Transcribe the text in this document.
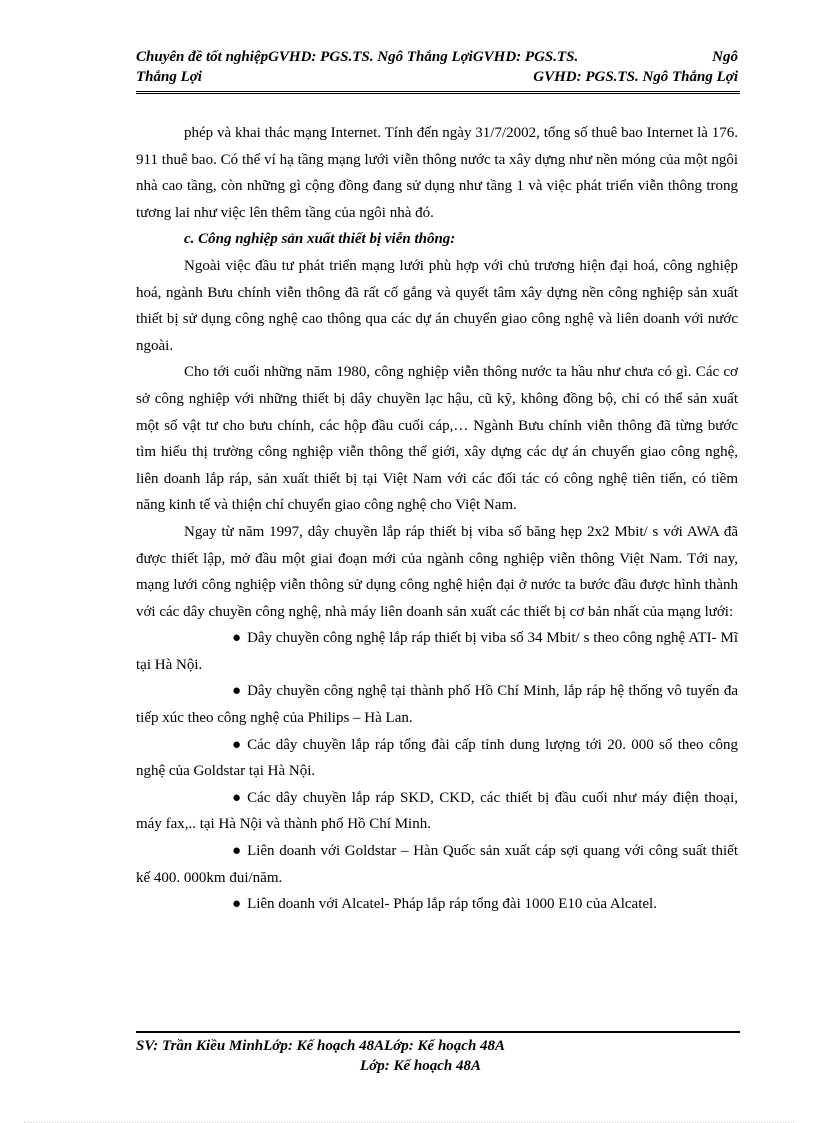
Chuyên đề tốt nghiệpGVHD: PGS.TS. Ngô Thắng LợiGVHD: PGS.TS.	Ngô
Thắng Lợi	GVHD: PGS.TS. Ngô Thắng Lợi

phép và khai thác mạng Internet. Tính đến ngày 31/7/2002, tổng số thuê bao Internet là 176. 911 thuê bao. Có thể ví hạ tầng mạng lưới viễn thông nước ta xây dựng như nền móng của một ngôi nhà cao tầng, còn những gì cộng đồng đang sử dụng như tầng 1 và việc phát triển viễn thông trong tương lai như việc lên thêm tầng của ngôi nhà đó.

c. Công nghiệp sản xuất thiết bị viễn thông:

Ngoài việc đầu tư phát triển mạng lưới phù hợp với chủ trương hiện đại hoá, công nghiệp hoá, ngành Bưu chính viễn thông đã rất cố gắng và quyết tâm xây dựng nền công nghiệp sản xuất thiết bị sử dụng công nghệ cao thông qua các dự án chuyển giao công nghệ và liên doanh với nước ngoài.

Cho tới cuối những năm 1980, công nghiệp viễn thông nước ta hầu như chưa có gì. Các cơ sở công nghiệp với những thiết bị dây chuyền lạc hậu, cũ kỹ, không đồng bộ, chỉ có thể sản xuất một số vật tư cho bưu chính, các hộp đầu cuối cáp,… Ngành Bưu chính viễn thông đã từng bước tìm hiểu thị trường công nghiệp viễn thông thế giới, xây dựng các dự án chuyển giao công nghệ, liên doanh lắp ráp, sản xuất thiết bị tại Việt Nam với các đối tác có công nghệ tiên tiến, có tiềm năng kinh tế và thiện chí chuyển giao công nghệ cho Việt Nam.

Ngay từ năm 1997, dây chuyền lắp ráp thiết bị viba số băng hẹp 2x2 Mbit/ s với AWA đã được thiết lập, mở đầu một giai đoạn mới của ngành công nghiệp viễn thông Việt Nam. Tới nay, mạng lưới công nghiệp viễn thông sử dụng công nghệ hiện đại ở nước ta bước đầu được hình thành với các dây chuyền công nghệ, nhà máy liên doanh sản xuất các thiết bị cơ bản nhất của mạng lưới:

● Dây chuyền công nghệ lắp ráp thiết bị viba số 34 Mbit/ s theo công nghệ ATI- Mĩ tại Hà Nội.

● Dây chuyền công nghệ tại thành phố Hồ Chí Minh, lắp ráp hệ thống vô tuyến đa tiếp xúc theo công nghệ của Philips – Hà Lan.

● Các dây chuyền lắp ráp tổng đài cấp tỉnh dung lượng tới 20. 000 số theo công nghệ của Goldstar tại Hà Nội.

● Các dây chuyền lắp ráp SKD, CKD, các thiết bị đầu cuối như máy điện thoại, máy fax,.. tại Hà Nội và thành phố Hồ Chí Minh.

● Liên doanh với Goldstar – Hàn Quốc sản xuất cáp sợi quang với công suất thiết kế 400. 000km đui/năm.

● Liên doanh với Alcatel- Pháp lắp ráp tổng đài 1000 E10 của Alcatel.

SV: Trần Kiều MinhLớp: Kế hoạch 48ALớp: Kế hoạch 48A
Lớp: Kế hoạch 48A
